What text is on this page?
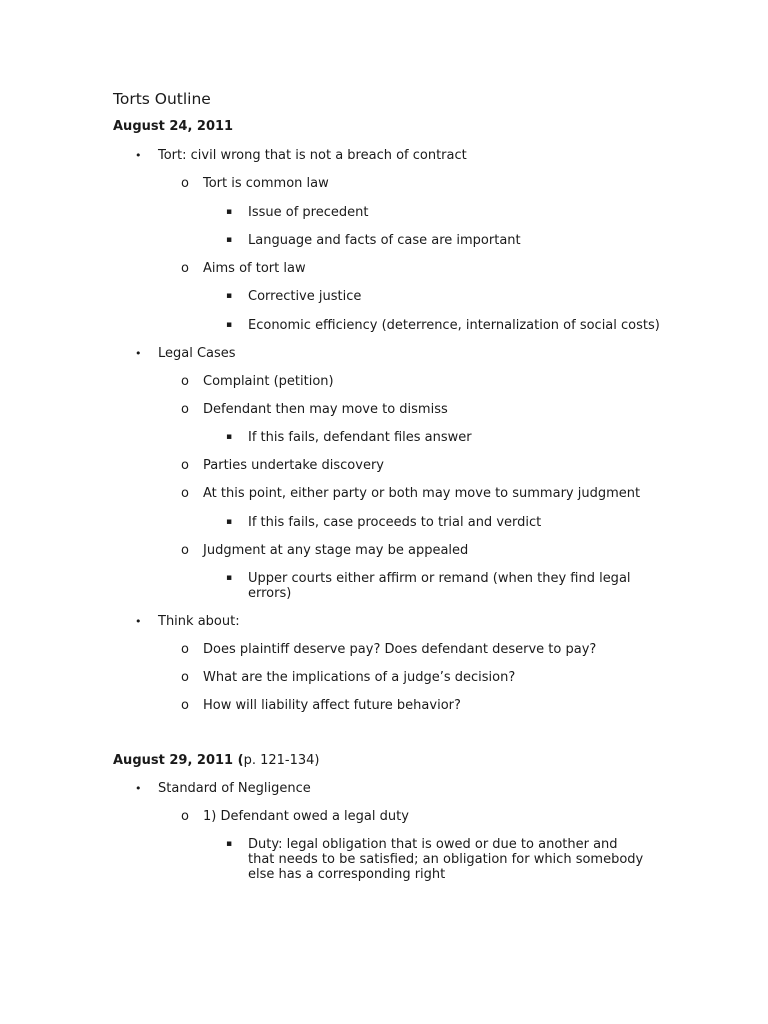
Torts Outline
August 24, 2011
• Tort: civil wrong that is not a breach of contract
o Tort is common law
▪ Issue of precedent
▪ Language and facts of case are important
o Aims of tort law
▪ Corrective justice
▪ Economic efficiency (deterrence, internalization of social costs)
• Legal Cases
o Complaint (petition)
o Defendant then may move to dismiss
▪ If this fails, defendant files answer
o Parties undertake discovery
o At this point, either party or both may move to summary judgment
▪ If this fails, case proceeds to trial and verdict
o Judgment at any stage may be appealed
▪ Upper courts either affirm or remand (when they find legal errors)
• Think about:
o Does plaintiff deserve pay? Does defendant deserve to pay?
o What are the implications of a judge’s decision?
o How will liability affect future behavior?
August 29, 2011 (p. 121-134)
• Standard of Negligence
o 1) Defendant owed a legal duty
▪ Duty: legal obligation that is owed or due to another and that needs to be satisfied; an obligation for which somebody else has a corresponding right
